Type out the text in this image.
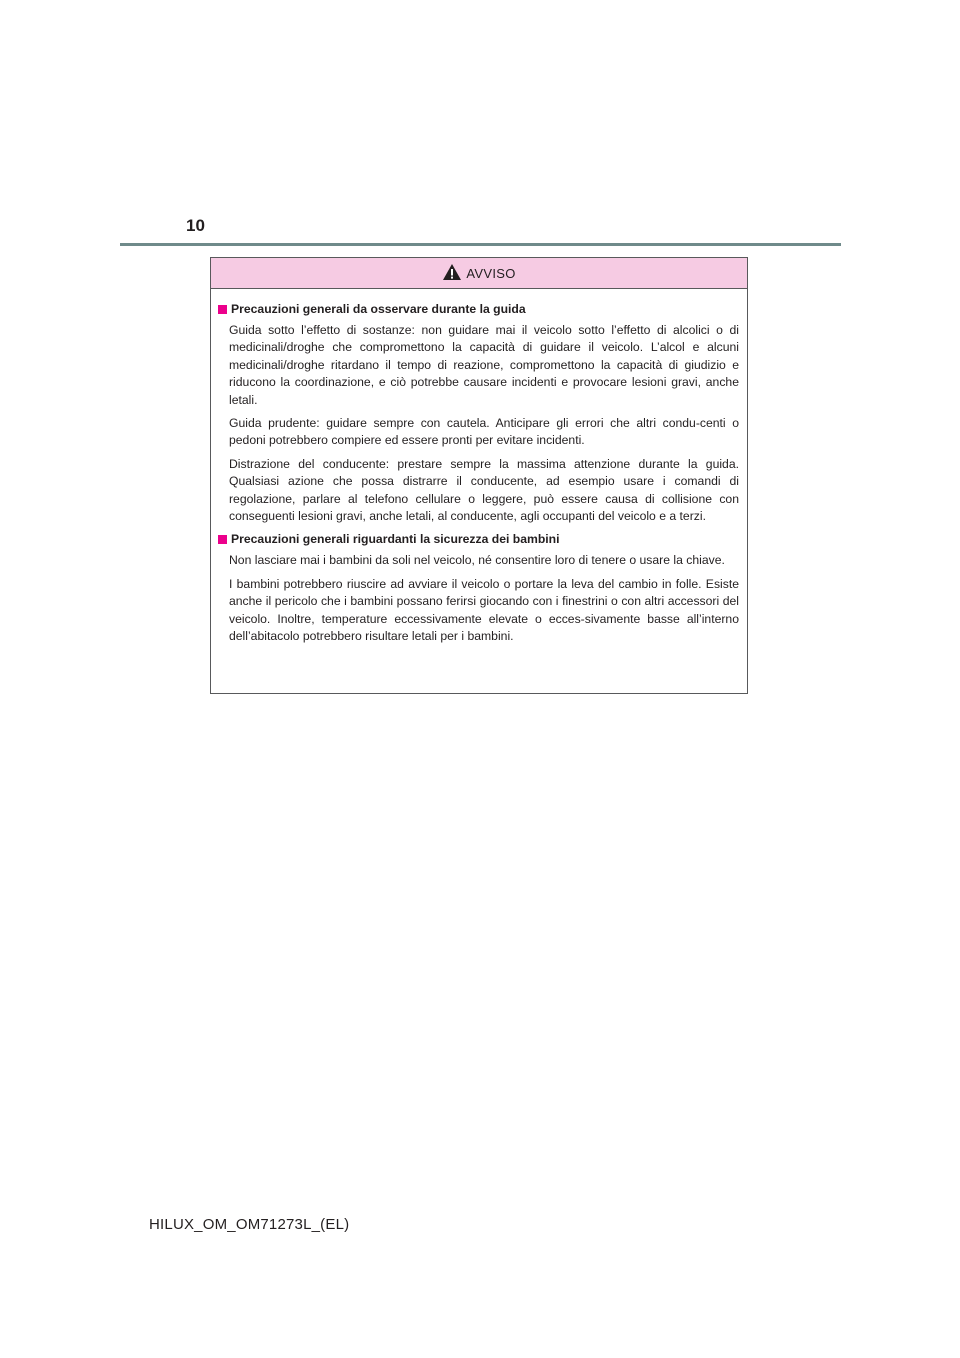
10
AVVISO
Precauzioni generali da osservare durante la guida

Guida sotto l’effetto di sostanze: non guidare mai il veicolo sotto l’effetto di alcolici o di medicinali/droghe che compromettono la capacità di guidare il veicolo. L’alcol e alcuni medicinali/droghe ritardano il tempo di reazione, compromettono la capacità di giudizio e riducono la coordinazione, e ciò potrebbe causare incidenti e provocare lesioni gravi, anche letali.

Guida prudente: guidare sempre con cautela. Anticipare gli errori che altri condu-centi o pedoni potrebbero compiere ed essere pronti per evitare incidenti.

Distrazione del conducente: prestare sempre la massima attenzione durante la guida. Qualsiasi azione che possa distrarre il conducente, ad esempio usare i comandi di regolazione, parlare al telefono cellulare o leggere, può essere causa di collisione con conseguenti lesioni gravi, anche letali, al conducente, agli occupanti del veicolo e a terzi.

Precauzioni generali riguardanti la sicurezza dei bambini

Non lasciare mai i bambini da soli nel veicolo, né consentire loro di tenere o usare la chiave.

I bambini potrebbero riuscire ad avviare il veicolo o portare la leva del cambio in folle. Esiste anche il pericolo che i bambini possano ferirsi giocando con i finestrini o con altri accessori del veicolo. Inoltre, temperature eccessivamente elevate o ecces-sivamente basse all’interno dell’abitacolo potrebbero risultare letali per i bambini.

HILUX_OM_OM71273L_(EL)
